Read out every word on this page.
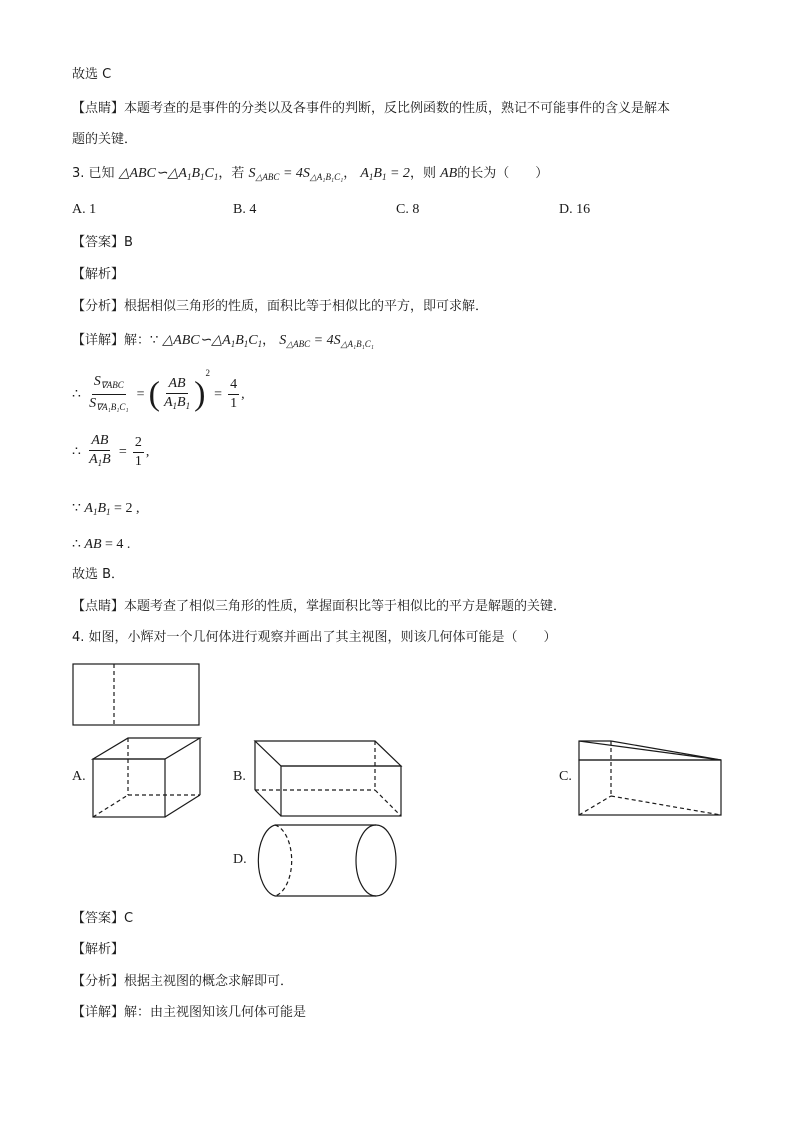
故选 C
【点睛】本题考查的是事件的分类以及各事件的判断，反比例函数的性质，熟记不可能事件的含义是解本
题的关键．
3. 已知 $\triangle ABC∽\triangle A_1B_1C_1$，若 $S_{\triangle ABC} = 4S_{\triangle A_1B_1C_1}$， $A_1B_1 = 2$，则 AB的长为（　　）
A. 1	B. 4	C. 8	D. 16
【答案】B
【解析】
【分析】根据相似三角形的性质，面积比等于相似比的平方，即可求解．
【详解】解：∵ $\triangle ABC∽\triangle A_1B_1C_1$， $S_{\triangle ABC} = 4S_{\triangle A_1B_1C_1}$
∴ $\frac{S_{\nabla ABC}}{S_{\nabla A_1B_1C_1}}$ = ( $\frac{AB}{A_1B_1} )^2 = \frac{4}{1}$ ,
∴ $\frac{AB}{A_1B} = \frac{2}{1}$ ,
∵ $A_1B_1 = 2$ ,
∴ AB = 4 .
故选 B．
【点睛】本题考查了相似三角形的性质，掌握面积比等于相似比的平方是解题的关键．
4. 如图，小辉对一个几何体进行观察并画出了其主视图，则该几何体可能是（　　）
A.	B.	C.
D.
【答案】C
【解析】
【分析】根据主视图的概念求解即可．
【详解】解：由主视图知该几何体可能是
